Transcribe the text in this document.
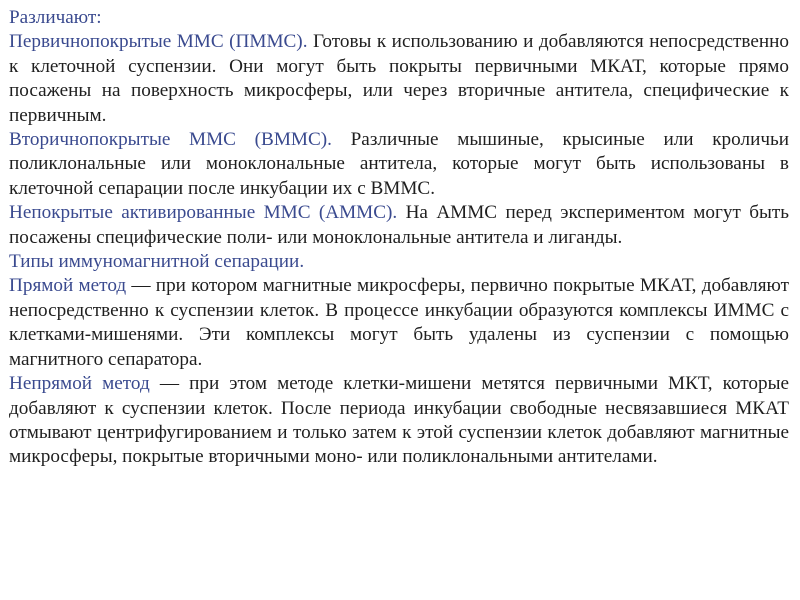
Различают:

Первичнопокрытые ММС (ПММС). Готовы к использованию и добавляются непосредственно к клеточной суспензии. Они могут быть покрыты первичными МКАТ, которые прямо посажены на поверхность микросферы, или через вторичные антитела, специфические к первичным.

Вторичнопокрытые ММС (ВММС). Различные мышиные, крысиные или кроличьи поликлональные или моноклональные антитела, которые могут быть использованы в клеточной сепарации после инкубации их с ВММС.

Непокрытые активированные ММС (АММС). На АММС перед экспериментом могут быть посажены специфические поли- или моноклональные антитела и лиганды.

Типы иммуномагнитной сепарации.

Прямой метод — при котором магнитные микросферы, первично покрытые МКАТ, добавляют непосредственно к суспензии клеток. В процессе инкубации образуются комплексы ИММС с клетками-мишенями. Эти комплексы могут быть удалены из суспензии с помощью магнитного сепаратора.

Непрямой метод — при этом методе клетки-мишени метятся первичными МКТ, которые добавляют к суспензии клеток. После периода инкубации свободные несвязавшиеся МКАТ отмывают центрифугированием и только затем к этой суспензии клеток добавляют магнитные микросферы, покрытые вторичными моно- или поликлональными антителами.
